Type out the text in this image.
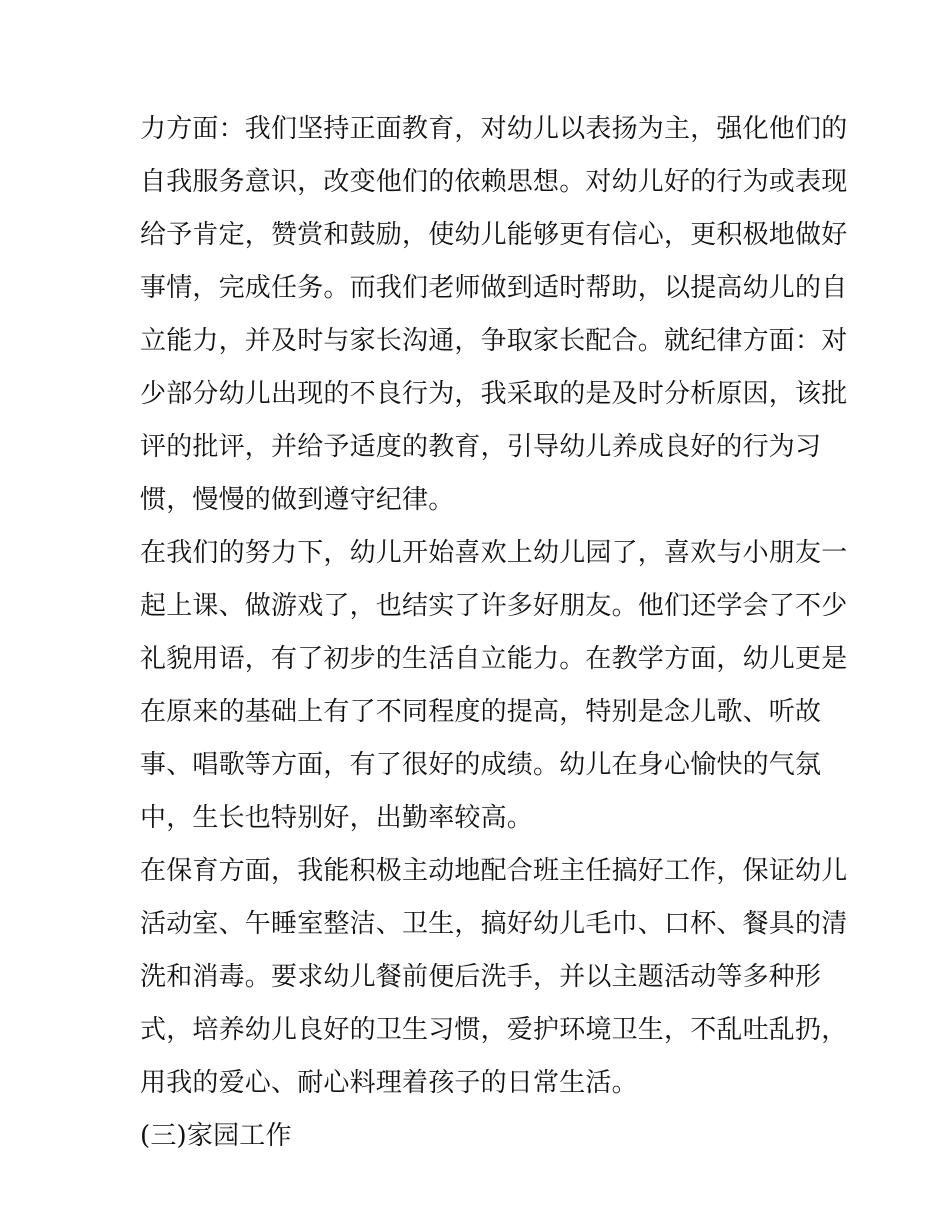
力方面：我们坚持正面教育，对幼儿以表扬为主，强化他们的
自我服务意识，改变他们的依赖思想。对幼儿好的行为或表现
给予肯定，赞赏和鼓励，使幼儿能够更有信心，更积极地做好
事情，完成任务。而我们老师做到适时帮助，以提高幼儿的自
立能力，并及时与家长沟通，争取家长配合。就纪律方面：对
少部分幼儿出现的不良行为，我采取的是及时分析原因，该批
评的批评，并给予适度的教育，引导幼儿养成良好的行为习
惯，慢慢的做到遵守纪律。
在我们的努力下，幼儿开始喜欢上幼儿园了，喜欢与小朋友一
起上课、做游戏了，也结实了许多好朋友。他们还学会了不少
礼貌用语，有了初步的生活自立能力。在教学方面，幼儿更是
在原来的基础上有了不同程度的提高，特别是念儿歌、听故
事、唱歌等方面，有了很好的成绩。幼儿在身心愉快的气氛
中，生长也特别好，出勤率较高。
在保育方面，我能积极主动地配合班主任搞好工作，保证幼儿
活动室、午睡室整洁、卫生，搞好幼儿毛巾、口杯、餐具的清
洗和消毒。要求幼儿餐前便后洗手，并以主题活动等多种形
式，培养幼儿良好的卫生习惯，爱护环境卫生，不乱吐乱扔，
用我的爱心、耐心料理着孩子的日常生活。
(三)家园工作
